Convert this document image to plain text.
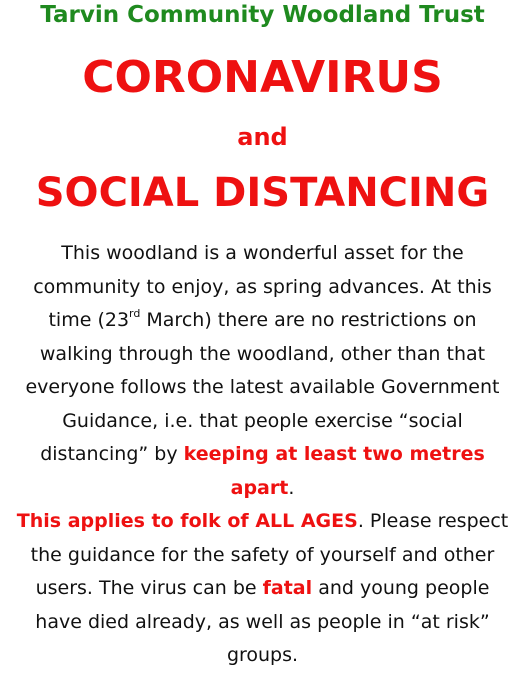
Tarvin Community Woodland Trust
CORONAVIRUS
and
SOCIAL DISTANCING
This woodland is a wonderful asset for the community to enjoy, as spring advances. At this time (23rd March) there are no restrictions on walking through the woodland, other than that everyone follows the latest available Government Guidance, i.e. that people exercise “social distancing” by keeping at least two metres apart.
This applies to folk of ALL AGES. Please respect the guidance for the safety of yourself and other users. The virus can be fatal and young people have died already, as well as people in “at risk” groups.
